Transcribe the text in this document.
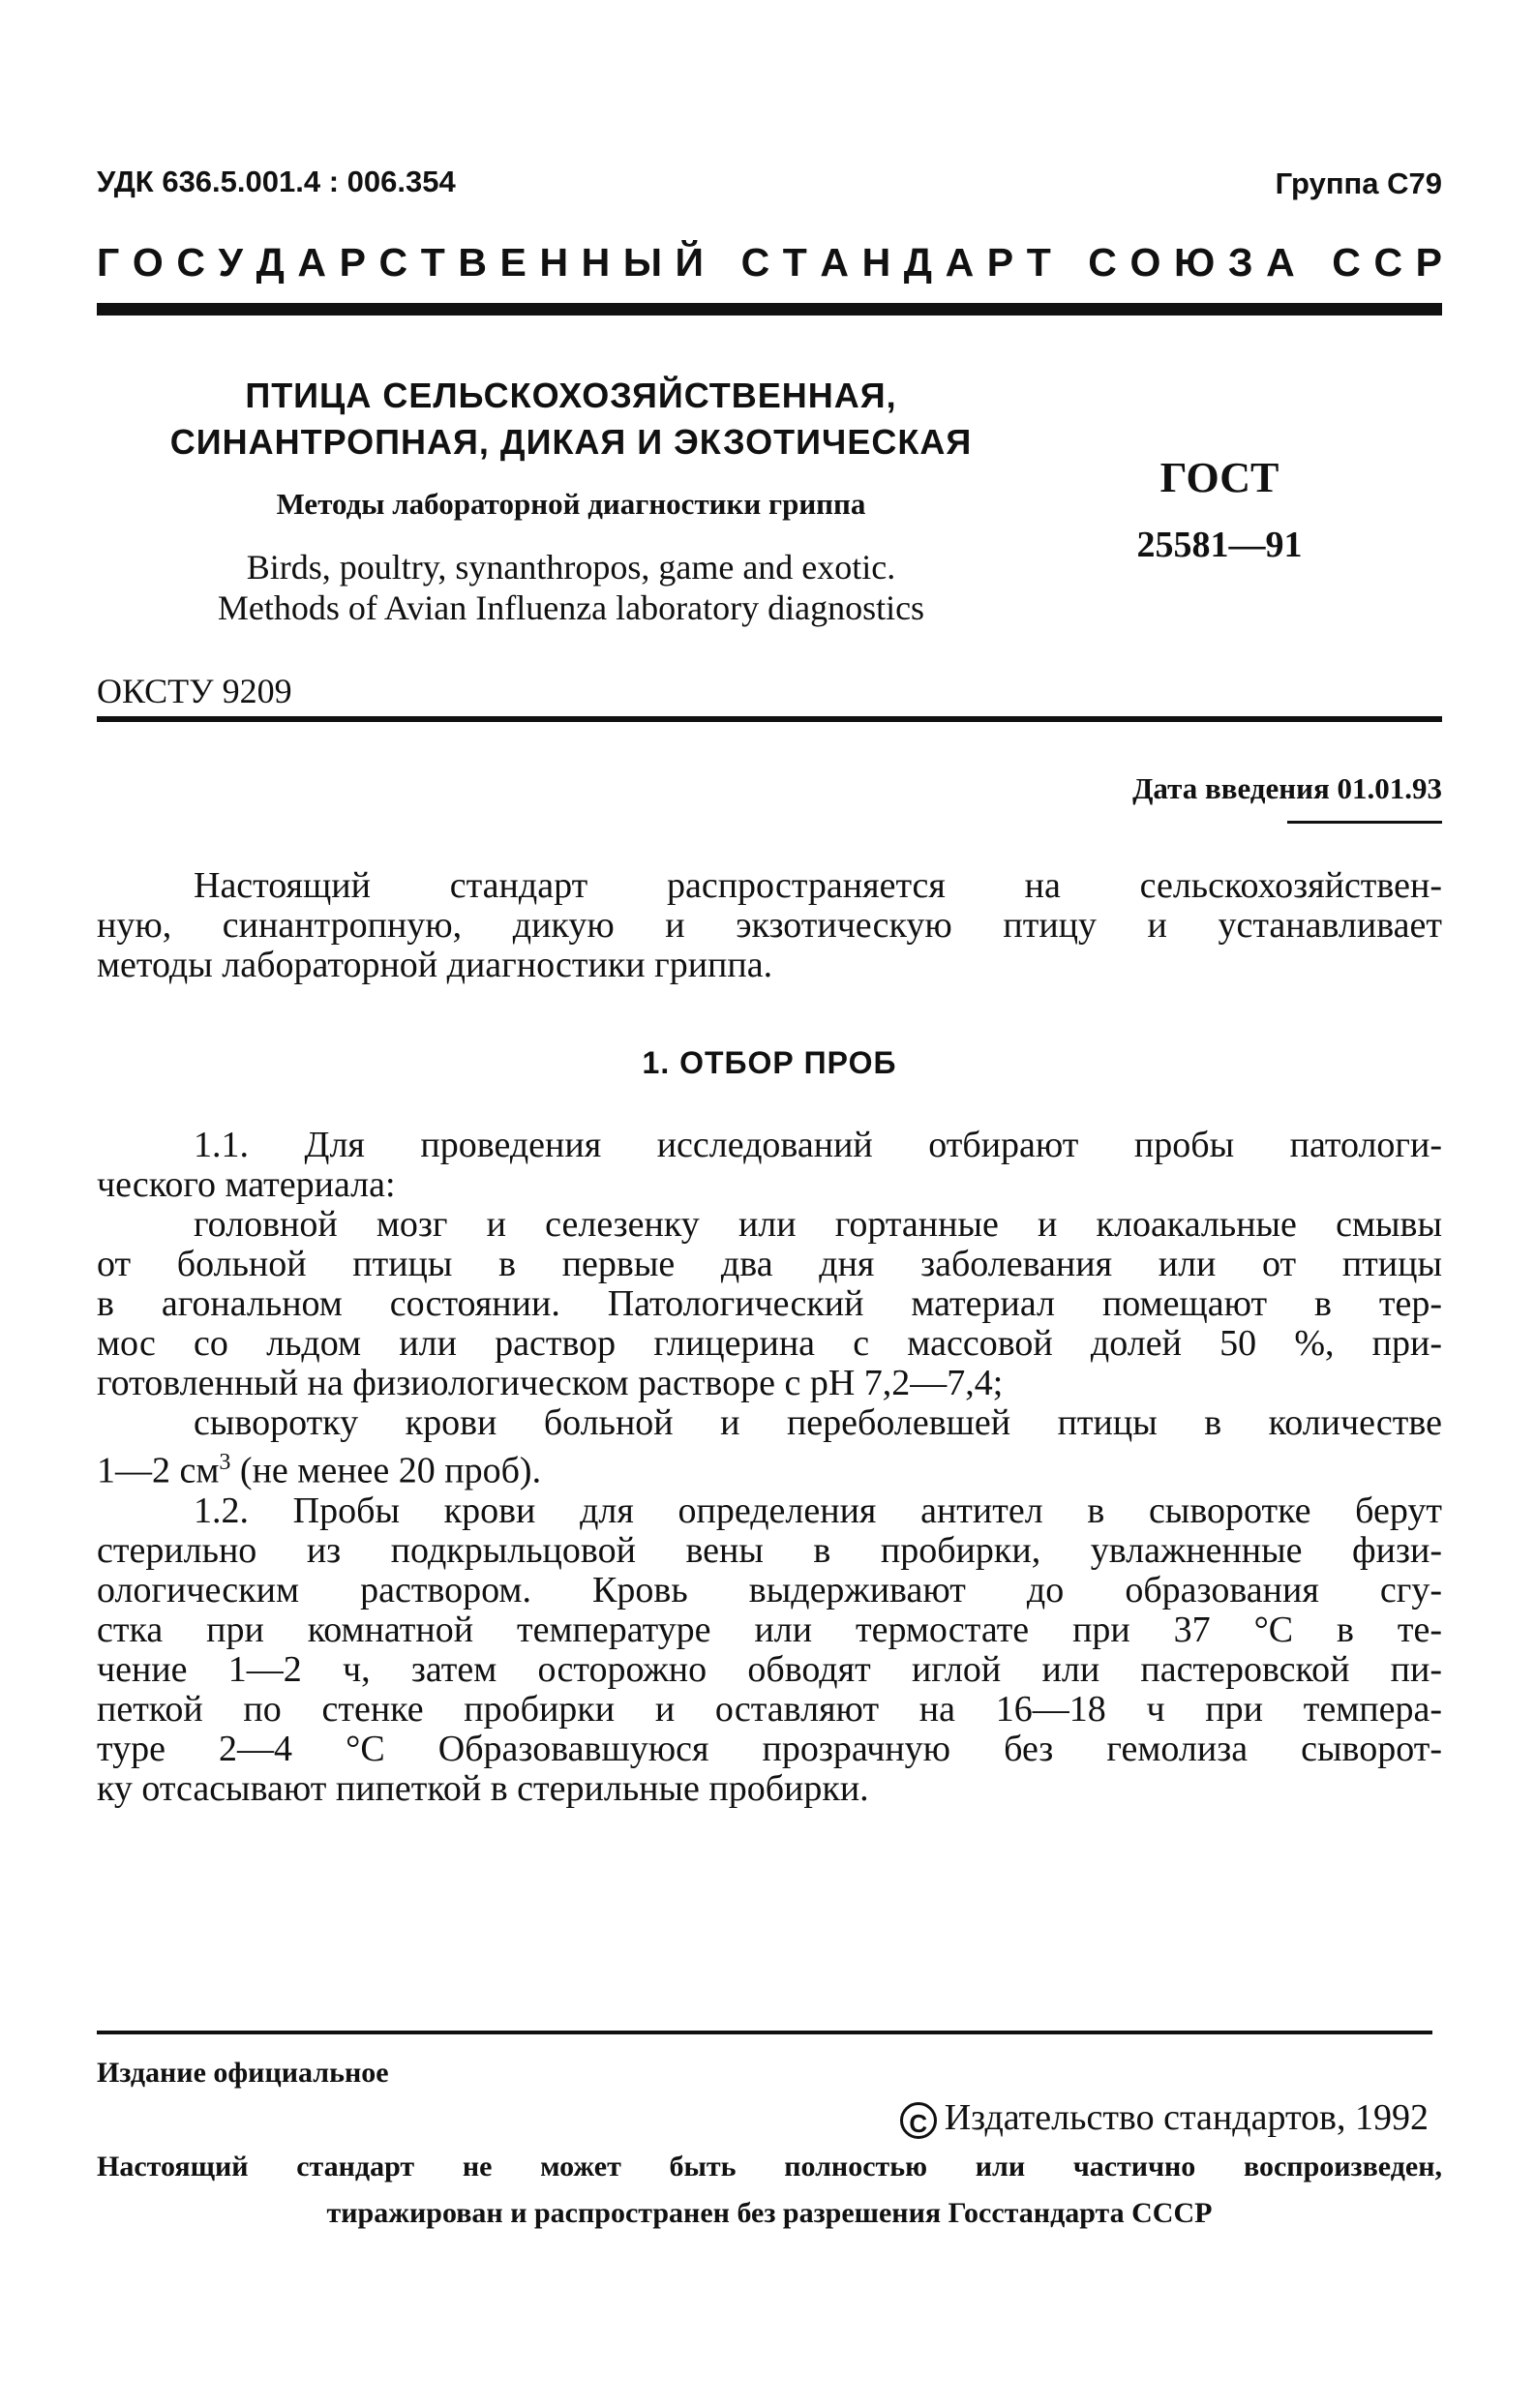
УДК 636.5.001.4 : 006.354	Группа С79
Г О С У Д А Р С Т В Е Н Н Ы Й
С Т А Н Д А Р Т
С О Ю З А
С С Р
ПТИЦА СЕЛЬСКОХОЗЯЙСТВЕННАЯ,
СИНАНТРОПНАЯ, ДИКАЯ И ЭКЗОТИЧЕСКАЯ
Методы лабораторной диагностики гриппа
Birds, poultry, synanthropos, game and exotic.
Methods of Avian Influenza laboratory diagnostics
ГОСТ
25581—91
ОКСТУ 9209
Дата введения 01.01.93

Настоящий стандарт распространяется на сельскохозяйствен-

ную, синантропную, дикую и экзотическую птицу и устанавливает

методы лабораторной диагностики гриппа.

1. ОТБОР ПРОБ

1.1. Для проведения исследований отбирают пробы патологи-

ческого материала:

головной мозг и селезенку или гортанные и клоакальные смывы

от больной птицы в первые два дня заболевания или от птицы

в агональном состоянии. Патологический материал помещают в тер-

мос со льдом или раствор глицерина с массовой долей 50 %, при-

готовленный на физиологическом растворе с рН 7,2—7,4;

сыворотку крови больной и переболевшей птицы в количестве

1—2 $см^3$ (не менее 20 проб).

1.2. Пробы крови для определения антител в сыворотке берут

стерильно из подкрыльцовой вены в пробирки, увлажненные физи-

ологическим раствором. Кровь выдерживают до образования сгу-

стка при комнатной температуре или термостате при 37 °С в те-

чение 1—2 ч, затем осторожно обводят иглой или пастеровской пи-

петкой по стенке пробирки и оставляют на 16—18 ч при темпера-

туре 2—4 °С Образовавшуюся прозрачную без гемолиза сыворот-

ку отсасывают пипеткой в стерильные пробирки.

Издание официальное
С Издательство стандартов, 1992
Настоящий стандарт не может быть полностью или частично воспроизведен,
тиражирован и распространен без разрешения Госстандарта СССР
